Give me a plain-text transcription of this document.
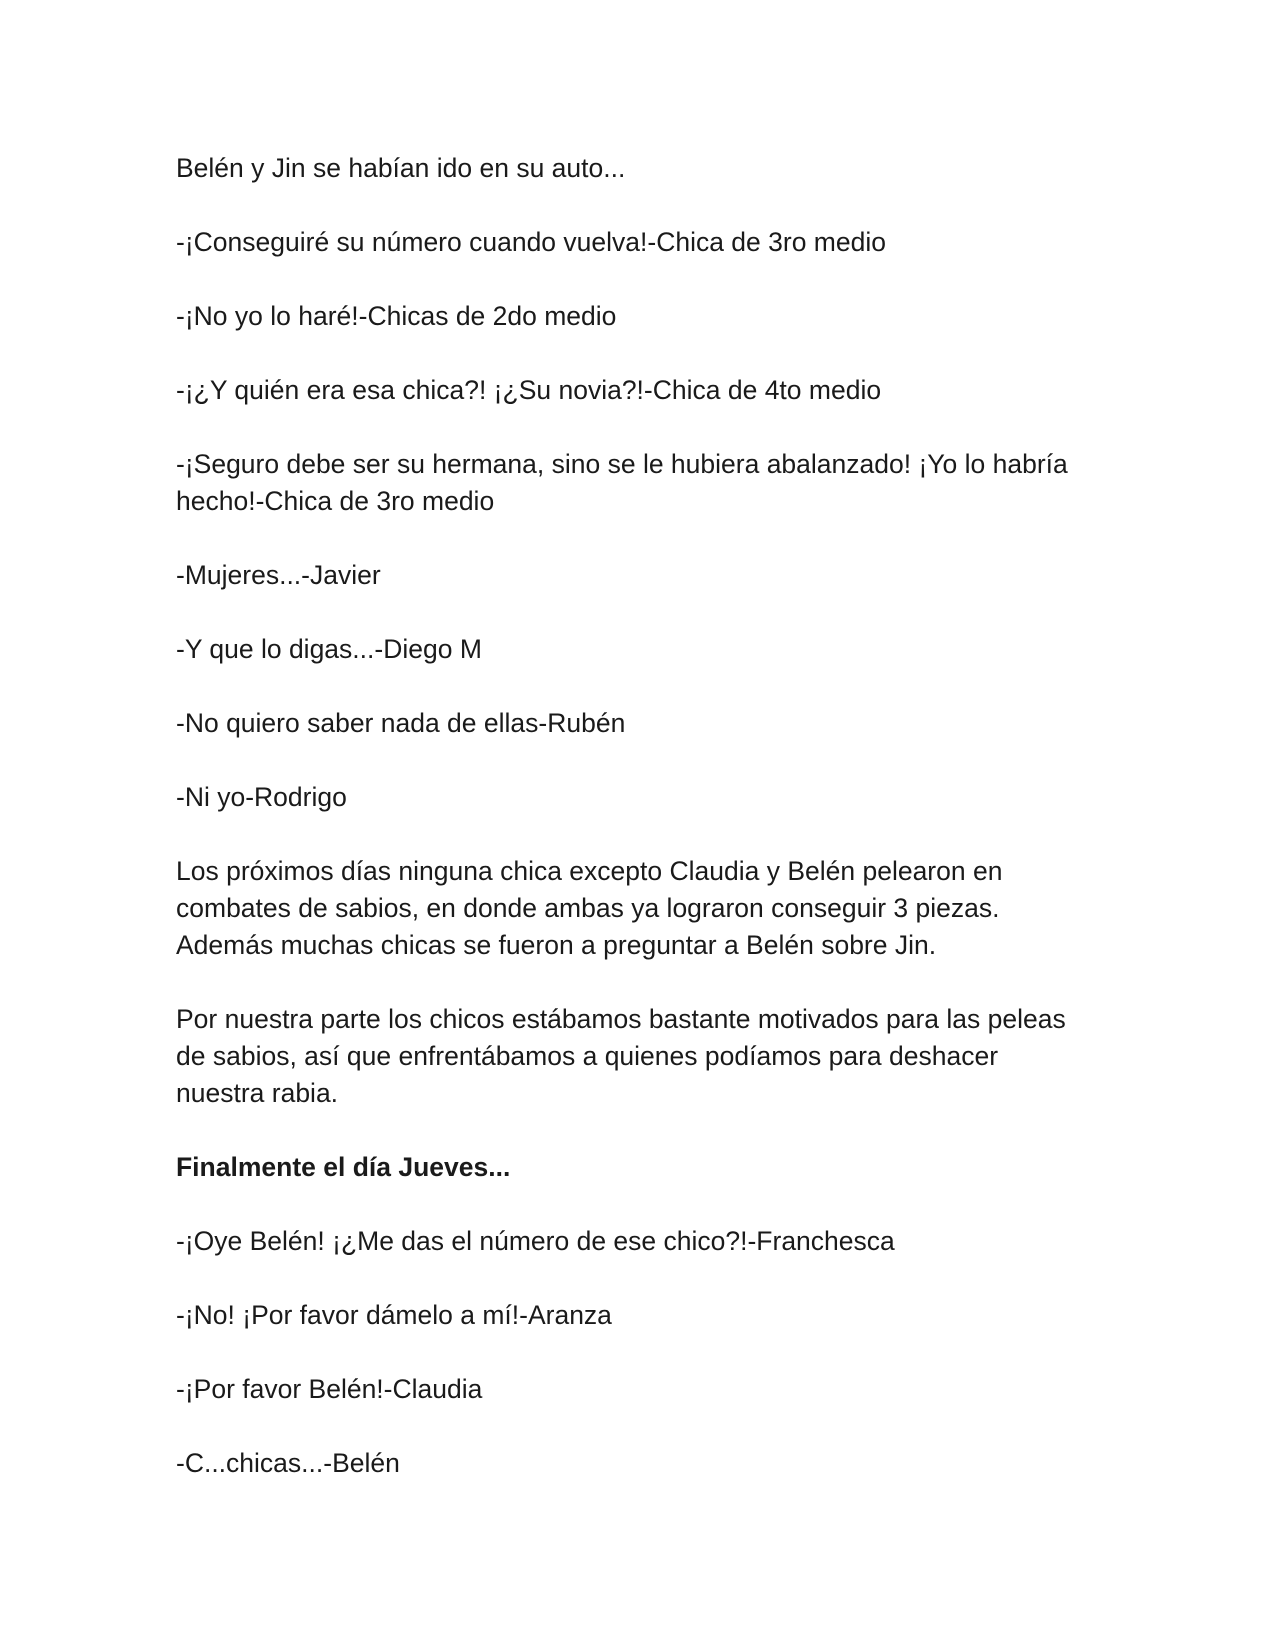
Belén y Jin se habían ido en su auto...

-¡Conseguiré su número cuando vuelva!-Chica de 3ro medio

-¡No yo lo haré!-Chicas de 2do medio

-¡¿Y quién era esa chica?! ¡¿Su novia?!-Chica de 4to medio

-¡Seguro debe ser su hermana, sino se le hubiera abalanzado! ¡Yo lo habría hecho!-Chica de 3ro medio

-Mujeres...-Javier

-Y que lo digas...-Diego M

-No quiero saber nada de ellas-Rubén

-Ni yo-Rodrigo

Los próximos días ninguna chica excepto Claudia y Belén pelearon en combates de sabios, en donde ambas ya lograron conseguir 3 piezas. Además muchas chicas se fueron a preguntar a Belén sobre Jin.

Por nuestra parte los chicos estábamos bastante motivados para las peleas de sabios, así que enfrentábamos a quienes podíamos para deshacer nuestra rabia.

Finalmente el día Jueves...

-¡Oye Belén! ¡¿Me das el número de ese chico?!-Franchesca

-¡No! ¡Por favor dámelo a mí!-Aranza

-¡Por favor Belén!-Claudia

-C...chicas...-Belén
